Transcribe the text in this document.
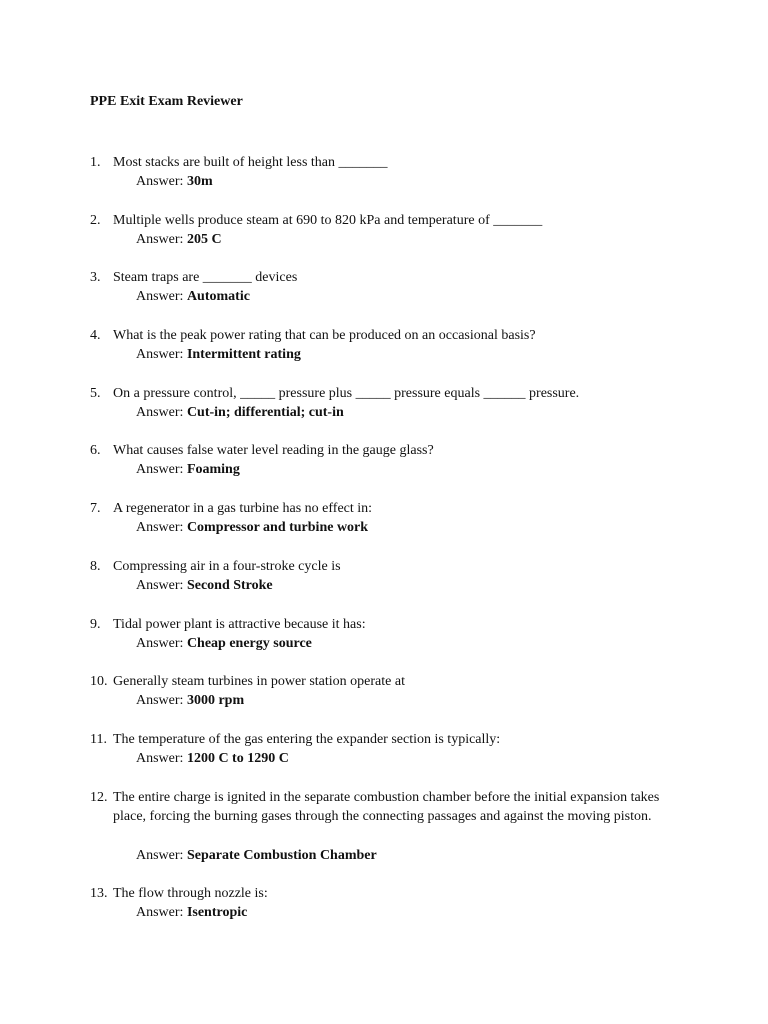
PPE Exit Exam Reviewer
1. Most stacks are built of height less than _______

Answer: 30m
2. Multiple wells produce steam at 690 to 820 kPa and temperature of _______

Answer: 205 C
3. Steam traps are _______ devices

Answer: Automatic
4. What is the peak power rating that can be produced on an occasional basis?

Answer: Intermittent rating
5. On a pressure control, _____ pressure plus _____ pressure equals ______ pressure.

Answer: Cut-in; differential; cut-in
6. What causes false water level reading in the gauge glass?

Answer: Foaming
7. A regenerator in a gas turbine has no effect in:

Answer: Compressor and turbine work
8. Compressing air in a four-stroke cycle is

Answer: Second Stroke
9. Tidal power plant is attractive because it has:

Answer: Cheap energy source
10. Generally steam turbines in power station operate at

Answer: 3000 rpm
11. The temperature of the gas entering the expander section is typically:

Answer: 1200 C to 1290 C
12. The entire charge is ignited in the separate combustion chamber before the initial expansion takes place, forcing the burning gases through the connecting passages and against the moving piston.

Answer: Separate Combustion Chamber
13. The flow through nozzle is:

Answer: Isentropic
